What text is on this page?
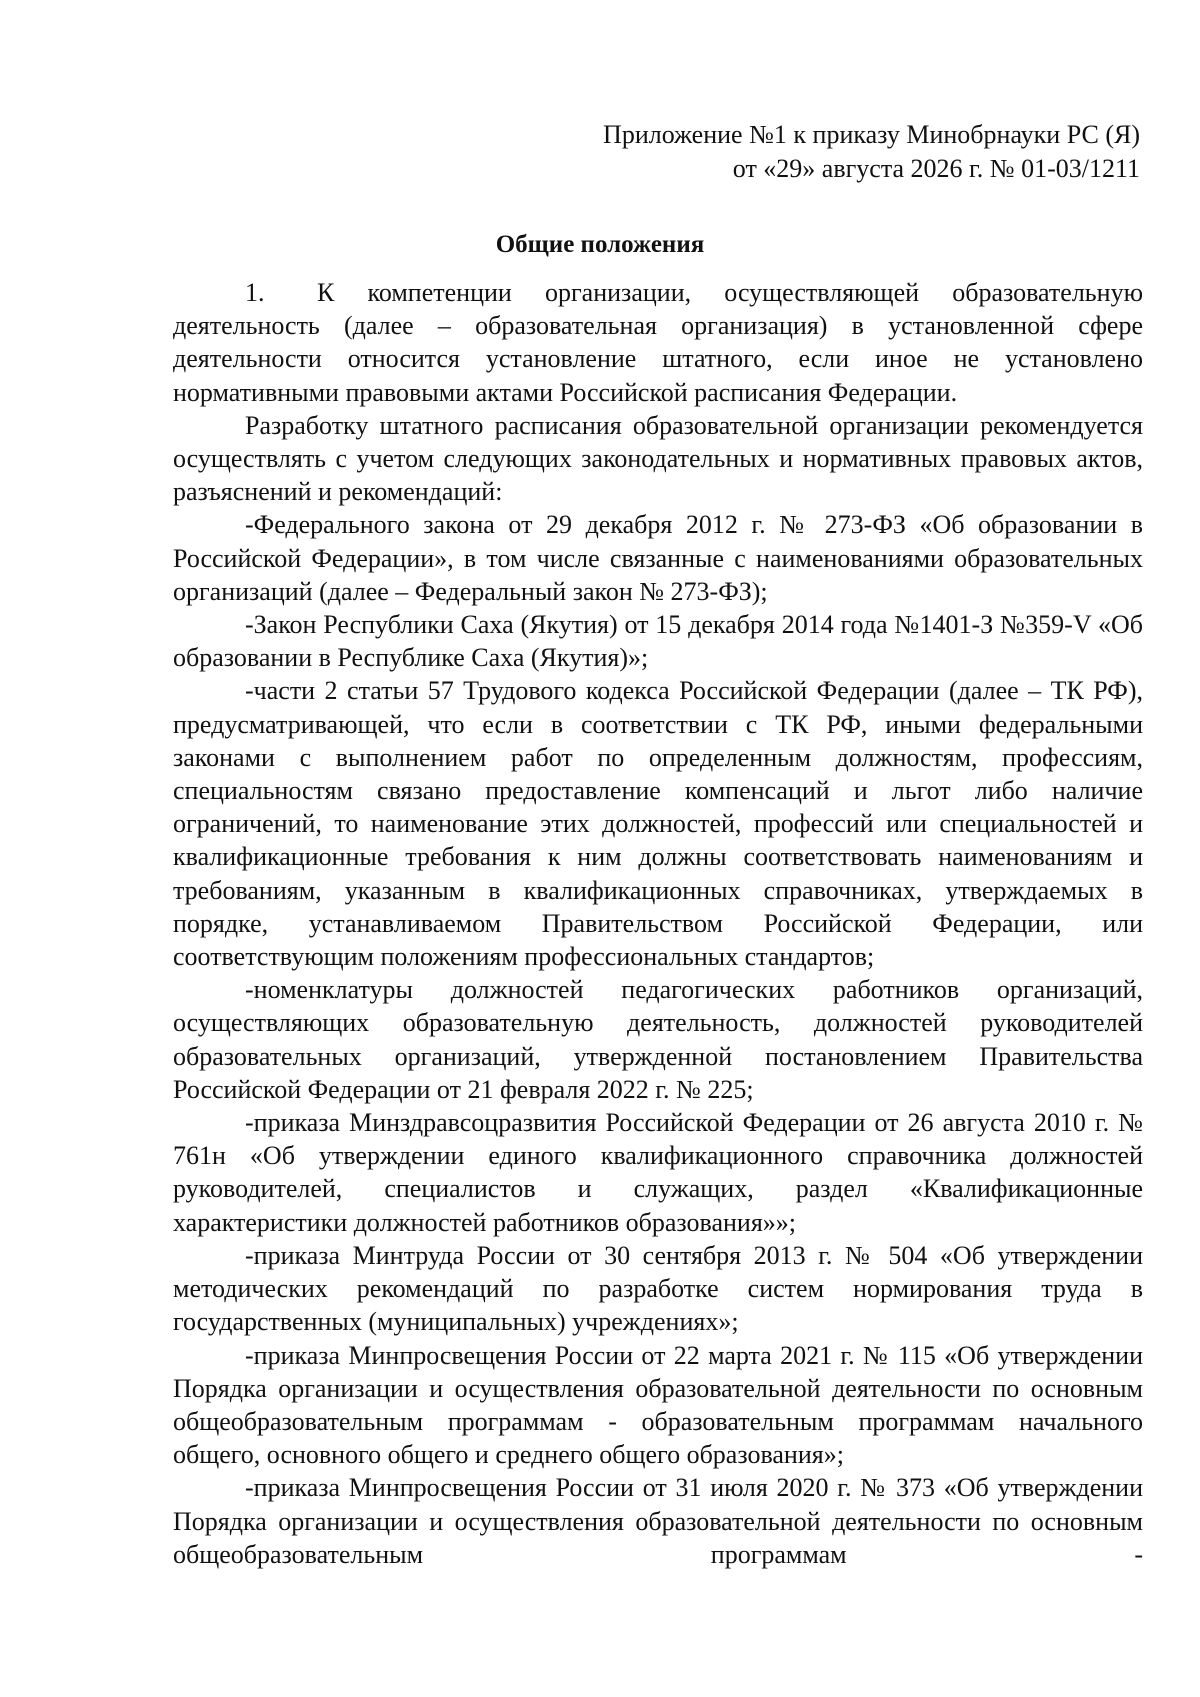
Приложение №1 к приказу Минобрнауки РС (Я)
от «29» августа 2026 г. № 01-03/1211
Общие положения

1. К компетенции организации, осуществляющей образовательную деятельность (далее – образовательная организация) в установленной сфере деятельности относится установление штатного, если иное не установлено нормативными правовыми актами Российской расписания Федерации.

Разработку штатного расписания образовательной организации рекомендуется осуществлять с учетом следующих законодательных и нормативных правовых актов, разъяснений и рекомендаций:

-Федерального закона от 29 декабря 2012 г. № 273-ФЗ «Об образовании в Российской Федерации», в том числе связанные с наименованиями образовательных организаций (далее – Федеральный закон № 273-ФЗ);

-Закон Республики Саха (Якутия) от 15 декабря 2014 года №1401-З №359-V «Об образовании в Республике Саха (Якутия)»;

-части 2 статьи 57 Трудового кодекса Российской Федерации (далее – ТК РФ), предусматривающей, что если в соответствии с ТК РФ, иными федеральными законами с выполнением работ по определенным должностям, профессиям, специальностям связано предоставление компенсаций и льгот либо наличие ограничений, то наименование этих должностей, профессий или специальностей и квалификационные требования к ним должны соответствовать наименованиям и требованиям, указанным в квалификационных справочниках, утверждаемых в порядке, устанавливаемом Правительством Российской Федерации, или соответствующим положениям профессиональных стандартов;

-номенклатуры должностей педагогических работников организаций, осуществляющих образовательную деятельность, должностей руководителей образовательных организаций, утвержденной постановлением Правительства Российской Федерации от 21 февраля 2022 г. № 225;

-приказа Минздравсоцразвития Российской Федерации от 26 августа 2010 г. № 761н «Об утверждении единого квалификационного справочника должностей руководителей, специалистов и служащих, раздел «Квалификационные характеристики должностей работников образования»»;

-приказа Минтруда России от 30 сентября 2013 г. № 504 «Об утверждении методических рекомендаций по разработке систем нормирования труда в государственных (муниципальных) учреждениях»;

-приказа Минпросвещения России от 22 марта 2021 г. № 115 «Об утверждении Порядка организации и осуществления образовательной деятельности по основным общеобразовательным программам - образовательным программам начального общего, основного общего и среднего общего образования»;

-приказа Минпросвещения России от 31 июля 2020 г. № 373 «Об утверждении Порядка организации и осуществления образовательной деятельности по основным общеобразовательным программам -
